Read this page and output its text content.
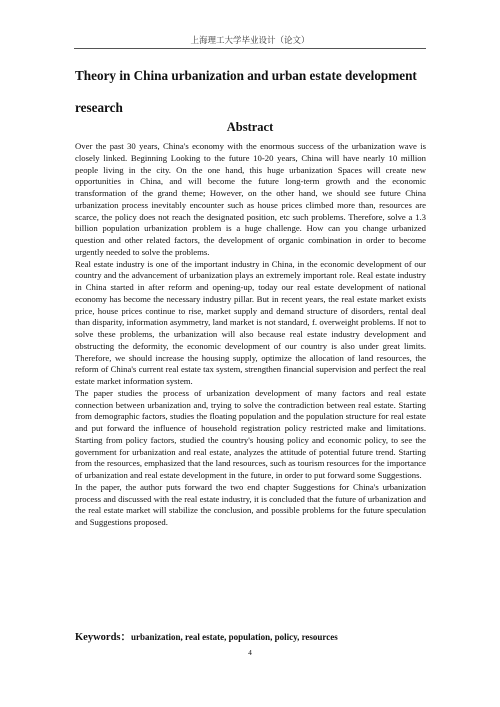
上海理工大学毕业设计（论文）
Theory in China urbanization and urban estate development research
Abstract

Over the past 30 years, China's economy with the enormous success of the urbanization wave is closely linked. Beginning Looking to the future 10-20 years, China will have nearly 10 million people living in the city. On the one hand, this huge urbanization Spaces will create new opportunities in China, and will become the future long-term growth and the economic transformation of the grand theme; However, on the other hand, we should see future China urbanization process inevitably encounter such as house prices climbed more than, resources are scarce, the policy does not reach the designated position, etc such problems. Therefore, solve a 1.3 billion population urbanization problem is a huge challenge. How can you change urbanized question and other related factors, the development of organic combination in order to become urgently needed to solve the problems.

Real estate industry is one of the important industry in China, in the economic development of our country and the advancement of urbanization plays an extremely important role. Real estate industry in China started in after reform and opening-up, today our real estate development of national economy has become the necessary industry pillar. But in recent years, the real estate market exists price, house prices continue to rise, market supply and demand structure of disorders, rental deal than disparity, information asymmetry, land market is not standard, f. overweight problems. If not to solve these problems, the urbanization will also because real estate industry development and obstructing the deformity, the economic development of our country is also under great limits. Therefore, we should increase the housing supply, optimize the allocation of land resources, the reform of China's current real estate tax system, strengthen financial supervision and perfect the real estate market information system.

The paper studies the process of urbanization development of many factors and real estate connection between urbanization and, trying to solve the contradiction between real estate. Starting from demographic factors, studies the floating population and the population structure for real estate and put forward the influence of household registration policy restricted make and limitations. Starting from policy factors, studied the country's housing policy and economic policy, to see the government for urbanization and real estate, analyzes the attitude of potential future trend. Starting from the resources, emphasized that the land resources, such as tourism resources for the importance of urbanization and real estate development in the future, in order to put forward some Suggestions.

In the paper, the author puts forward the two end chapter Suggestions for China's urbanization process and discussed with the real estate industry, it is concluded that the future of urbanization and the real estate market will stabilize the conclusion, and possible problems for the future speculation and Suggestions proposed.

Keywords：urbanization, real estate, population, policy, resources
4
